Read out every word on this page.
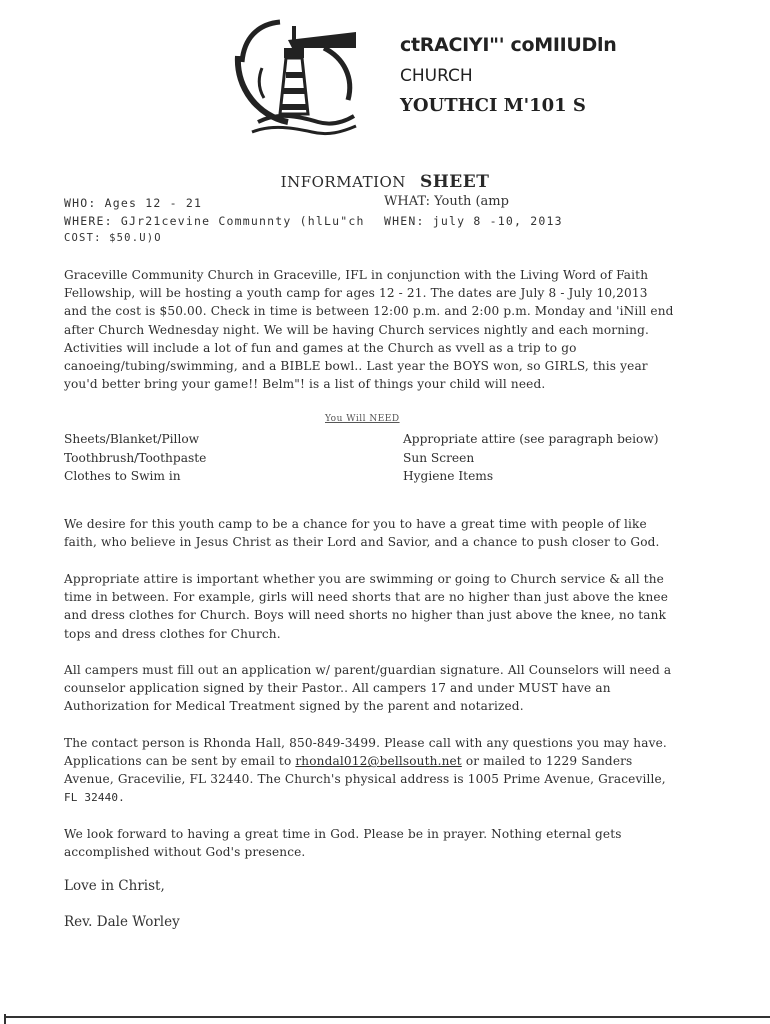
ctRACIYI"' coMIIUDln
CHURCH
YOUTHCI M'101 S
INFORMATION SHEET
WHO: Ages 12 - 21
WHERE: GJr21cevine Communnty (hlLu"ch
COST: $50.U)O
WHAT: Youth (amp
WHEN: july 8 -10, 2013

Graceville Community Church in Graceville, IFL in conjunction with the Living Word of Faith

Fellowship, will be hosting a youth camp for ages 12 - 21. The dates are July 8 - July 10,2013

and the cost is $50.00. Check in time is between 12:00 p.m. and 2:00 p.m. Monday and 'iNill end

after Church Wednesday night. We will be having Church services nightly and each morning.

Activities will include a lot of fun and games at the Church as vvell as a trip to go

canoeing/tubing/swimming, and a BIBLE bowl.. Last year the BOYS won, so GIRLS, this year

you'd better bring your game!! Belm"! is a list of things your child will need.

You Will NEED
Sheets/Blanket/Pillow
Toothbrush/Toothpaste
Clothes to Swim in
Appropriate attire (see paragraph beiow)
Sun Screen
Hygiene Items

We desire for this youth camp to be a chance for you to have a great time with people of like

faith, who believe in Jesus Christ as their Lord and Savior, and a chance to push closer to God.

Appropriate attire is important whether you are swimming or going to Church service & all the

time in between. For example, girls will need shorts that are no higher than just above the knee

and dress clothes for Church. Boys will need shorts no higher than just above the knee, no tank

tops and dress clothes for Church.

All campers must fill out an application w/ parent/guardian signature. All Counselors will need a

counselor application signed by their Pastor.. All campers 17 and under MUST have an

Authorization for Medical Treatment signed by the parent and notarized.

The contact person is Rhonda Hall, 850-849-3499. Please call with any questions you may have.

Applications can be sent by email to rhondal012@bellsouth.net or mailed to 1229 Sanders

Avenue, Gracevilie, FL 32440. The Church's physical address is 1005 Prime Avenue, Graceville,

FL 32440.

We look forward to having a great time in God. Please be in prayer. Nothing eternal gets

accomplished without God's presence.

Love in Christ,
Rev. Dale Worley
